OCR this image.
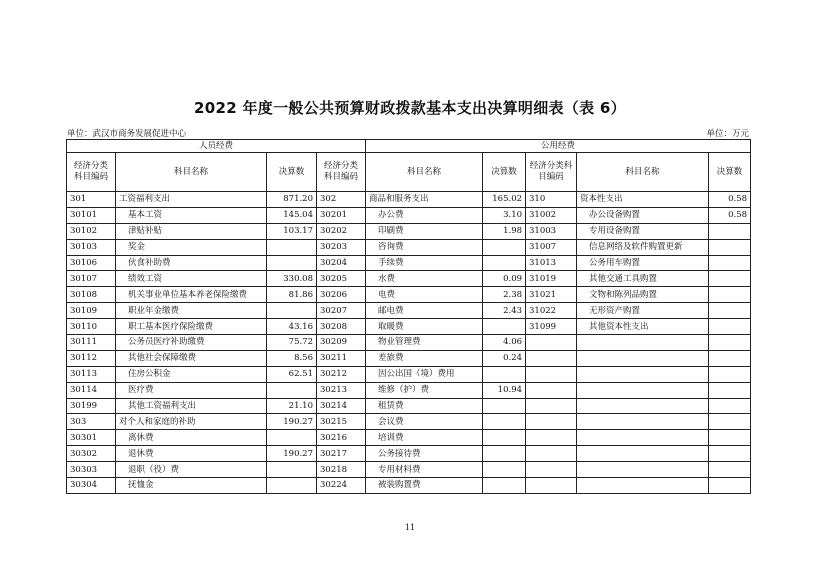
2022 年度一般公共预算财政拨款基本支出决算明细表（表 6）
单位：武汉市商务发展促进中心	单位：万元
人员经费				公用经费				
经济分类科目编码	科目名称	决算数	经济分类科目编码	科目名称	决算数	经济分类科目编码	科目名称	决算数
301	工资福利支出	871.20	302	商品和服务支出	165.02	310	资本性支出	0.58
30101	基本工资	145.04	30201	办公费	3.10	31002	办公设备购置	0.58
30102	津贴补贴	103.17	30202	印刷费	1.98	31003	专用设备购置	
30103	奖金		30203	咨询费		31007	信息网络及软件购置更新	
30106	伙食补助费		30204	手续费		31013	公务用车购置	
30107	绩效工资	330.08	30205	水费	0.09	31019	其他交通工具购置	
30108	机关事业单位基本养老保险缴费	81.86	30206	电费	2.38	31021	文物和陈列品购置	
30109	职业年金缴费		30207	邮电费	2.43	31022	无形资产购置	
30110	职工基本医疗保险缴费	43.16	30208	取暖费		31099	其他资本性支出	
30111	公务员医疗补助缴费	75.72	30209	物业管理费	4.06			
30112	其他社会保障缴费	8.56	30211	差旅费	0.24			
30113	住房公积金	62.51	30212	因公出国（境）费用				
30114	医疗费		30213	维修（护）费	10.94			
30199	其他工资福利支出	21.10	30214	租赁费				
303	对个人和家庭的补助	190.27	30215	会议费				
30301	离休费		30216	培训费				
30302	退休费	190.27	30217	公务接待费				
30303	退职（役）费		30218	专用材料费				
30304	抚恤金		30224	被装购置费				
11
